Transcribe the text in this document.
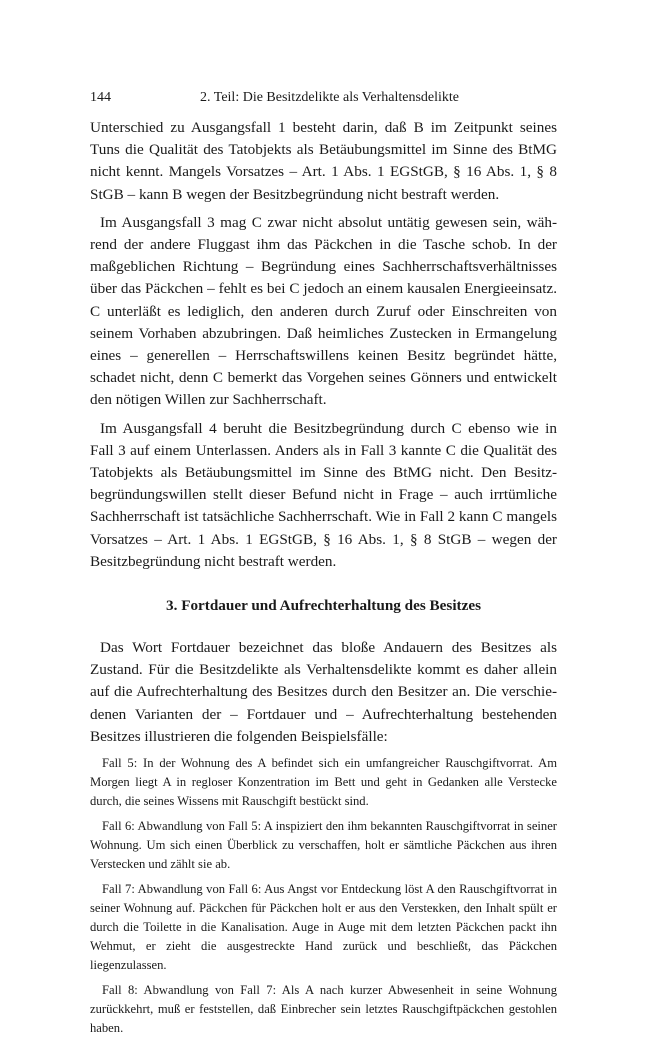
144	2. Teil: Die Besitzdelikte als Verhaltensdelikte

Unterschied zu Ausgangsfall 1 besteht darin, daß B im Zeitpunkt seines Tuns die Qualität des Tatobjekts als Betäubungsmittel im Sinne des BtMG nicht kennt. Mangels Vorsatzes – Art. 1 Abs. 1 EGStGB, § 16 Abs. 1, § 8 StGB – kann B wegen der Besitzbegründung nicht bestraft werden.

Im Ausgangsfall 3 mag C zwar nicht absolut untätig gewesen sein, während der andere Fluggast ihm das Päckchen in die Tasche schob. In der maßgeblichen Richtung – Begründung eines Sachherrschaftsverhältnisses über das Päckchen – fehlt es bei C jedoch an einem kausalen Energieeinsatz. C unterläßt es lediglich, den anderen durch Zuruf oder Einschreiten von seinem Vorhaben abzubringen. Daß heimliches Zustecken in Ermangelung eines – generellen – Herrschaftswillens keinen Besitz begründet hätte, schadet nicht, denn C bemerkt das Vorgehen seines Gönners und entwickelt den nötigen Willen zur Sachherrschaft.

Im Ausgangsfall 4 beruht die Besitzbegründung durch C ebenso wie in Fall 3 auf einem Unterlassen. Anders als in Fall 3 kannte C die Qualität des Tatobjekts als Betäubungsmittel im Sinne des BtMG nicht. Den Besitzbegründungswillen stellt dieser Befund nicht in Frage – auch irrtümliche Sachherrschaft ist tatsächliche Sachherrschaft. Wie in Fall 2 kann C mangels Vorsatzes – Art. 1 Abs. 1 EGStGB, § 16 Abs. 1, § 8 StGB – wegen der Besitzbegründung nicht bestraft werden.

3. Fortdauer und Aufrechterhaltung des Besitzes

Das Wort Fortdauer bezeichnet das bloße Andauern des Besitzes als Zustand. Für die Besitzdelikte als Verhaltensdelikte kommt es daher allein auf die Aufrechterhaltung des Besitzes durch den Besitzer an. Die verschiedenen Varianten der – Fortdauer und – Aufrechterhaltung bestehenden Besitzes illustrieren die folgenden Beispielsfälle:

Fall 5: In der Wohnung des A befindet sich ein umfangreicher Rauschgiftvorrat. Am Morgen liegt A in regloser Konzentration im Bett und geht in Gedanken alle Verstecke durch, die seines Wissens mit Rauschgift bestückt sind.

Fall 6: Abwandlung von Fall 5: A inspiziert den ihm bekannten Rauschgiftvorrat in seiner Wohnung. Um sich einen Überblick zu verschaffen, holt er sämtliche Päckchen aus ihren Verstecken und zählt sie ab.

Fall 7: Abwandlung von Fall 6: Aus Angst vor Entdeckung löst A den Rauschgiftvorrat in seiner Wohnung auf. Päckchen für Päckchen holt er aus den Versteкken, den Inhalt spült er durch die Toilette in die Kanalisation. Auge in Auge mit dem letzten Päckchen packt ihn Wehmut, er zieht die ausgestreckte Hand zurück und beschließt, das Päckchen liegenzulassen.

Fall 8: Abwandlung von Fall 7: Als A nach kurzer Abwesenheit in seine Wohnung zurückkehrt, muß er feststellen, daß Einbrecher sein letztes Rauschgiftpäckchen gestohlen haben.
